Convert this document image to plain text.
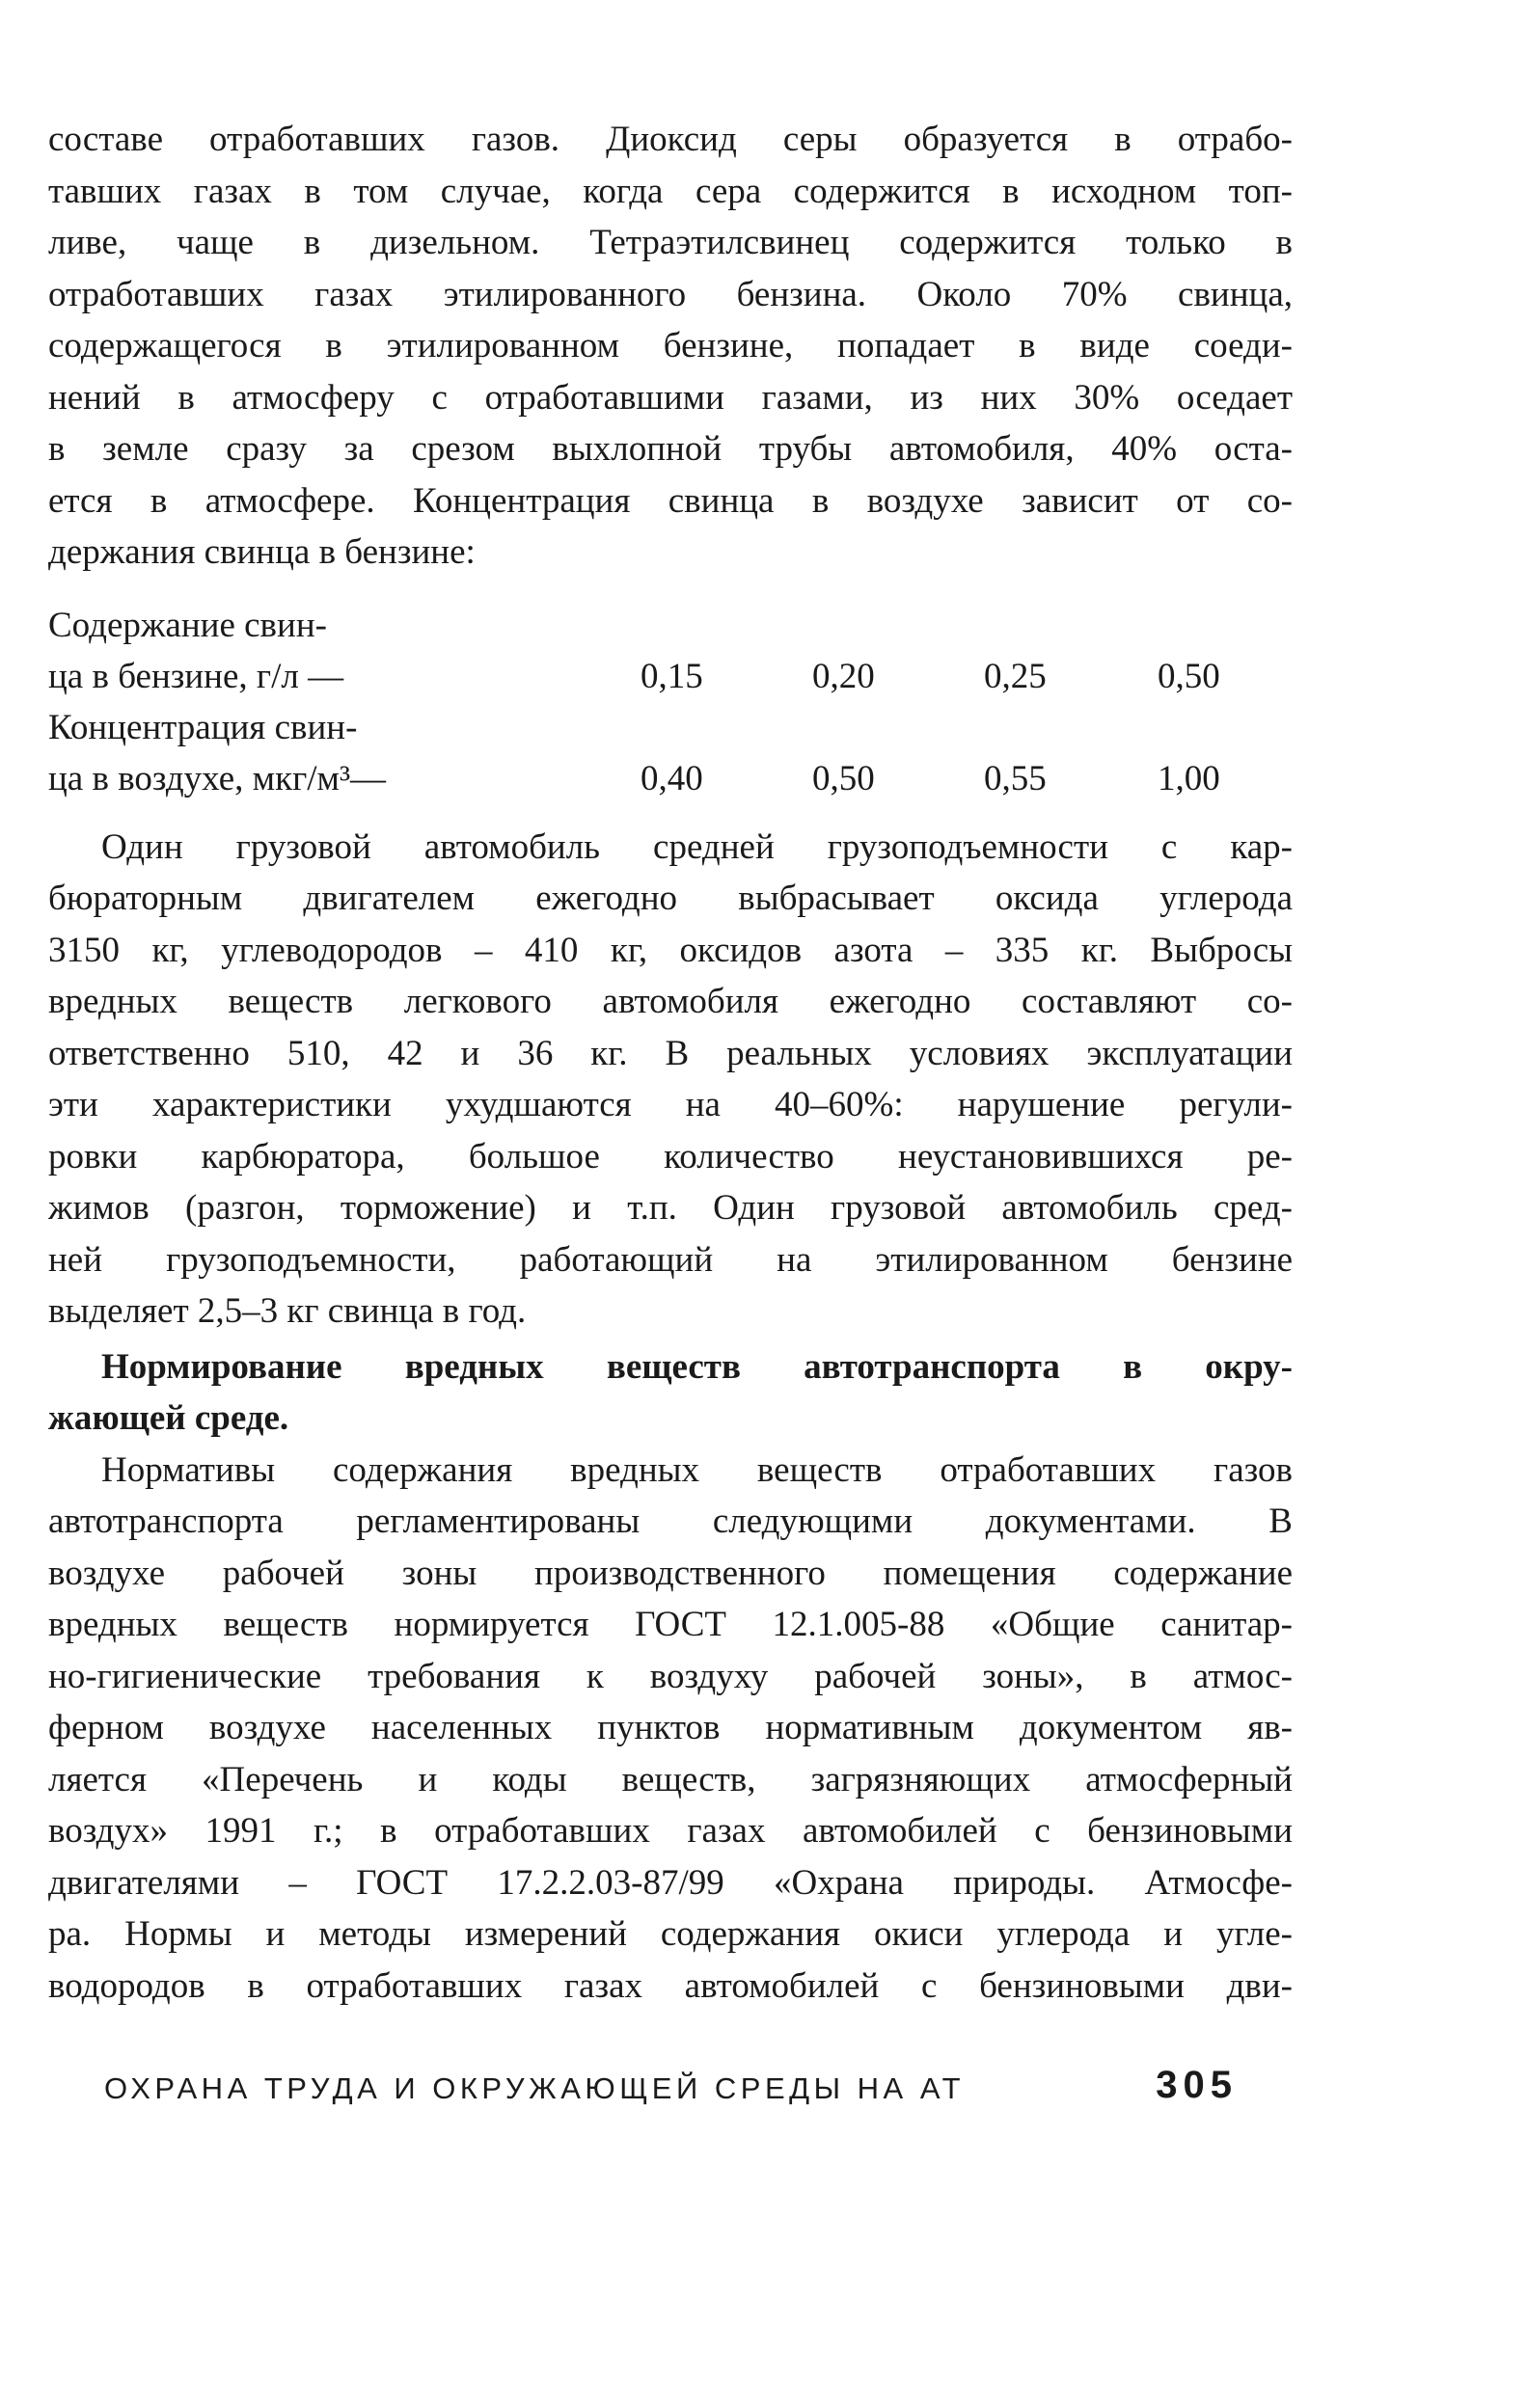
составе отработавших газов. Диоксид серы образуется в отрабо-
тавших газах в том случае, когда сера содержится в исходном топ-
ливе, чаще в дизельном. Тетраэтилсвинец содержится только в
отработавших газах этилированного бензина. Около 70% свинца,
содержащегося в этилированном бензине, попадает в виде соеди-
нений в атмосферу с отработавшими газами, из них 30% оседает
в земле сразу за срезом выхлопной трубы автомобиля, 40% оста-
ется в атмосфере. Концентрация свинца в воздухе зависит от со-
держания свинца в бензине:
Содержание свин-
ца в бензине, г/л —	0,15	0,20	0,25	0,50
Концентрация свин-
ца в воздухе, мкг/м³—	0,40	0,50	0,55	1,00
Один грузовой автомобиль средней грузоподъемности с кар-
бюраторным двигателем ежегодно выбрасывает оксида углерода
3150 кг, углеводородов – 410 кг, оксидов азота – 335 кг. Выбросы
вредных веществ легкового автомобиля ежегодно составляют со-
ответственно 510, 42 и 36 кг. В реальных условиях эксплуатации
эти характеристики ухудшаются на 40–60%: нарушение регули-
ровки карбюратора, большое количество неустановившихся ре-
жимов (разгон, торможение) и т.п. Один грузовой автомобиль сред-
ней грузоподъемности, работающий на этилированном бензине
выделяет 2,5–3 кг свинца в год.
Нормирование вредных веществ автотранспорта в окру-
жающей среде.
Нормативы содержания вредных веществ отработавших газов
автотранспорта регламентированы следующими документами. В
воздухе рабочей зоны производственного помещения содержание
вредных веществ нормируется ГОСТ 12.1.005-88 «Общие санитар-
но-гигиенические требования к воздуху рабочей зоны», в атмос-
ферном воздухе населенных пунктов нормативным документом яв-
ляется «Перечень и коды веществ, загрязняющих атмосферный
воздух» 1991 г.; в отработавших газах автомобилей с бензиновыми
двигателями – ГОСТ 17.2.2.03-87/99 «Охрана природы. Атмосфе-
ра. Нормы и методы измерений содержания окиси углерода и угле-
водородов в отработавших газах автомобилей с бензиновыми дви-
ОХРАНА ТРУДА И ОКРУЖАЮЩЕЙ СРЕДЫ НА АТ	305
